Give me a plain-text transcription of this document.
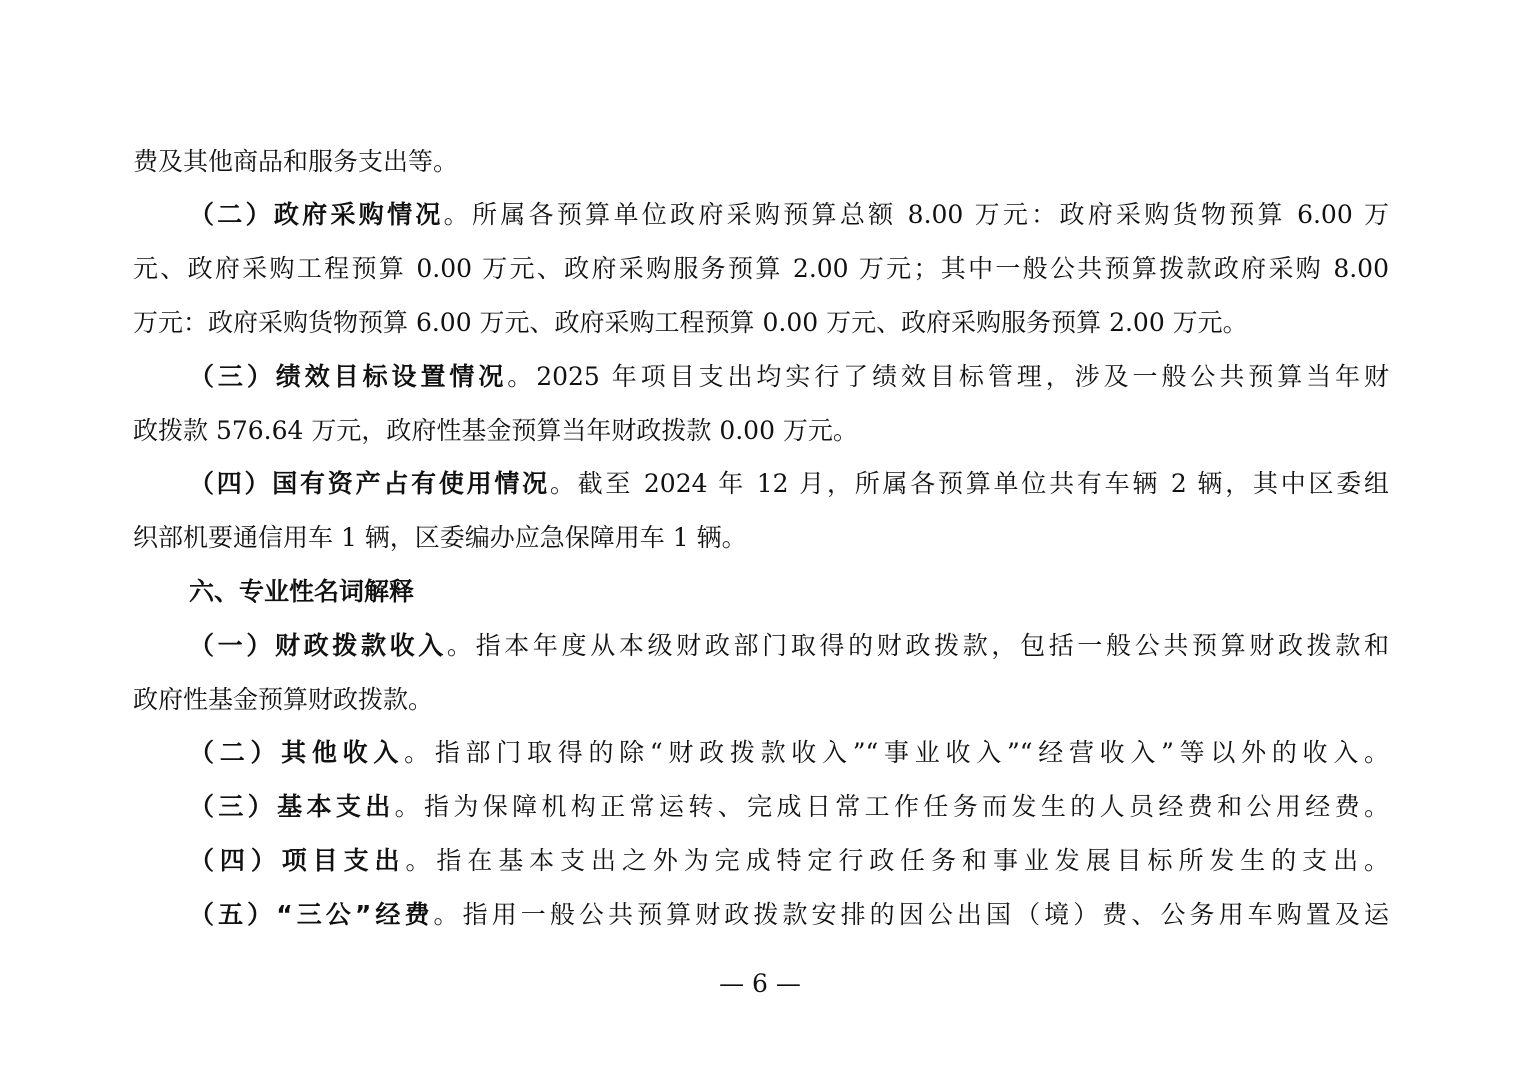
费及其他商品和服务支出等。
（二）政府采购情况。所属各预算单位政府采购预算总额 8.00 万元：政府采购货物预算 6.00 万
元、政府采购工程预算 0.00 万元、政府采购服务预算 2.00 万元；其中一般公共预算拨款政府采购 8.00
万元：政府采购货物预算 6.00 万元、政府采购工程预算 0.00 万元、政府采购服务预算 2.00 万元。
（三）绩效目标设置情况。2025 年项目支出均实行了绩效目标管理，涉及一般公共预算当年财
政拨款 576.64 万元，政府性基金预算当年财政拨款 0.00 万元。
（四）国有资产占有使用情况。截至 2024 年 12 月，所属各预算单位共有车辆 2 辆，其中区委组
织部机要通信用车 1 辆，区委编办应急保障用车 1 辆。
六、专业性名词解释
（一）财政拨款收入。指本年度从本级财政部门取得的财政拨款，包括一般公共预算财政拨款和
政府性基金预算财政拨款。
（二）其他收入。指部门取得的除“财政拨款收入”“事业收入”“经营收入”等以外的收入。
（三）基本支出。指为保障机构正常运转、完成日常工作任务而发生的人员经费和公用经费。
（四）项目支出。指在基本支出之外为完成特定行政任务和事业发展目标所发生的支出。
（五）“三公”经费。指用一般公共预算财政拨款安排的因公出国（境）费、公务用车购置及运
— 6 —
